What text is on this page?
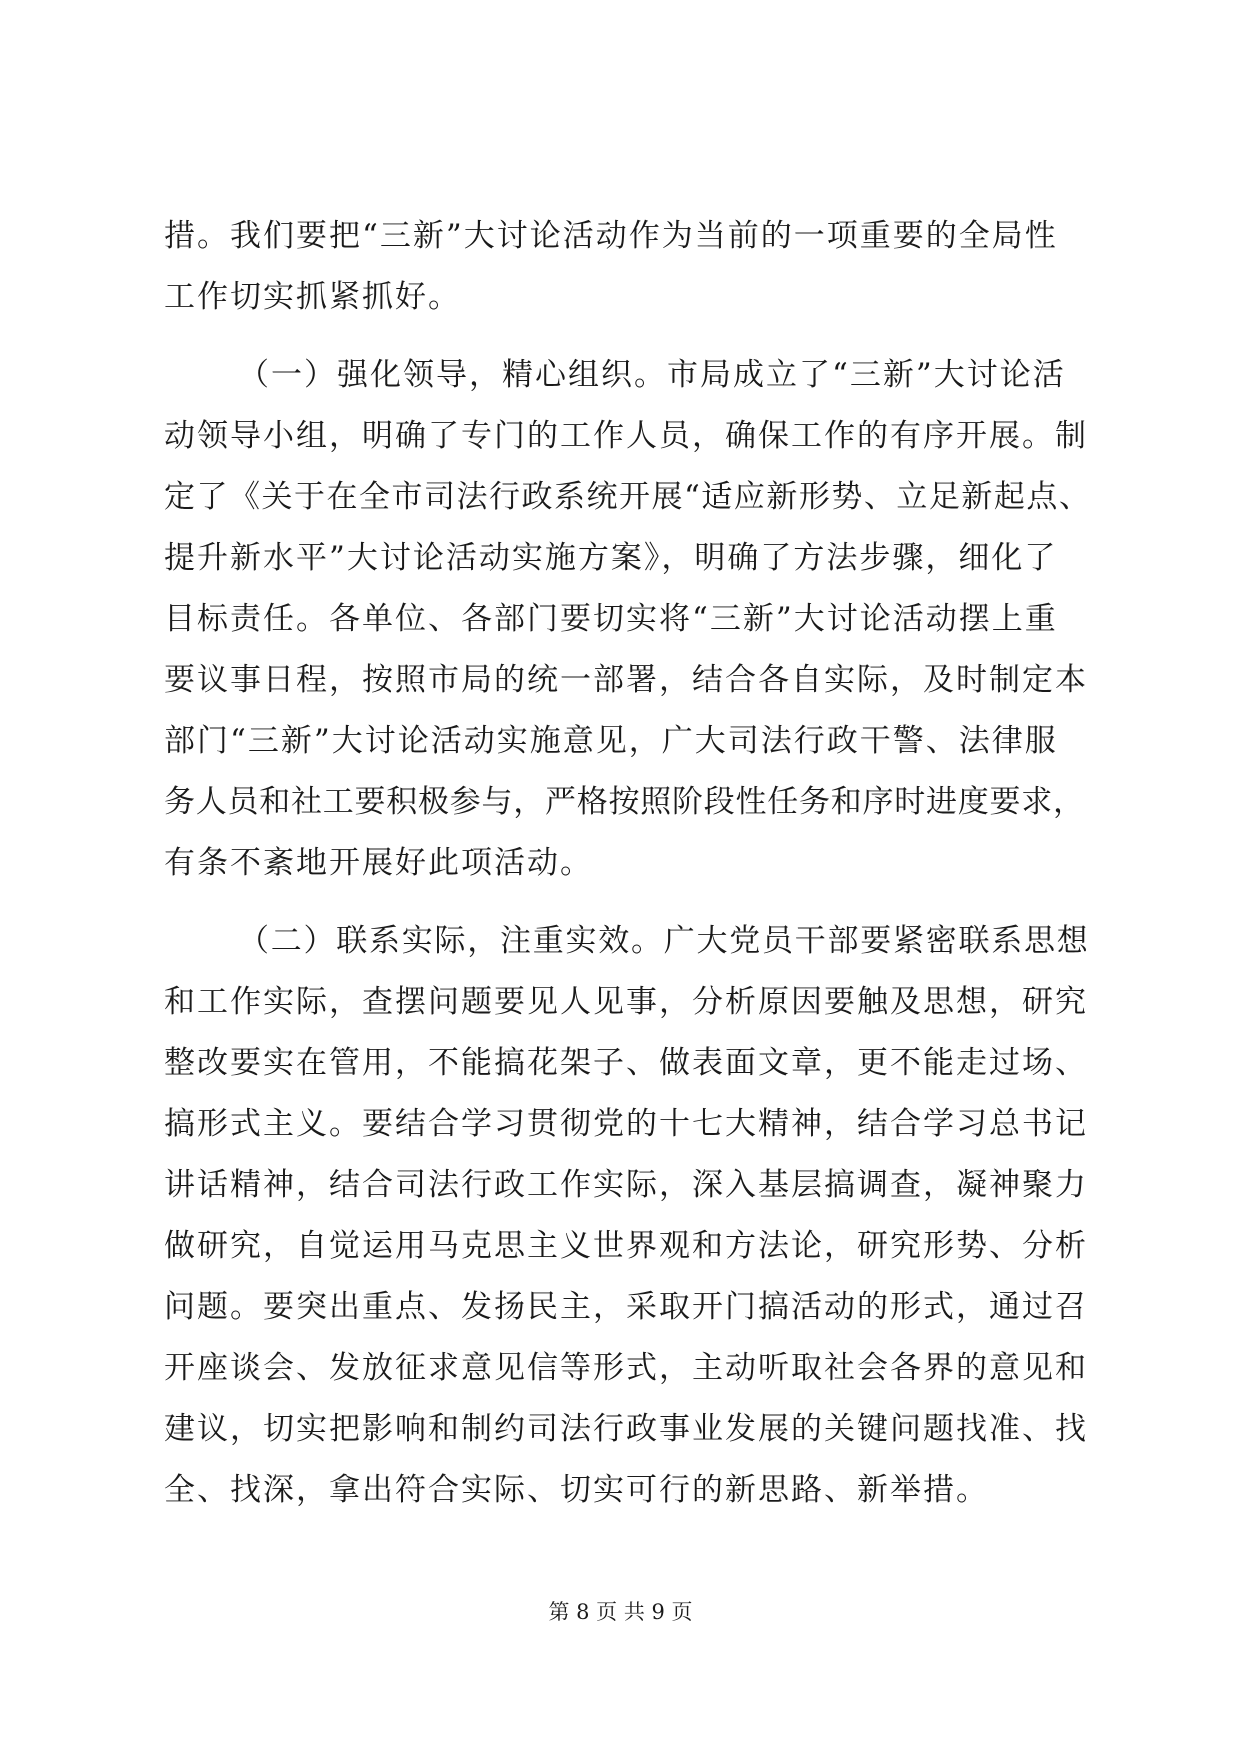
措。我们要把“三新”大讨论活动作为当前的一项重要的全局性
工作切实抓紧抓好。
（一）强化领导，精心组织。市局成立了“三新”大讨论活
动领导小组，明确了专门的工作人员，确保工作的有序开展。制
定了《关于在全市司法行政系统开展“适应新形势、立足新起点、
提升新水平”大讨论活动实施方案》，明确了方法步骤，细化了
目标责任。各单位、各部门要切实将“三新”大讨论活动摆上重
要议事日程，按照市局的统一部署，结合各自实际，及时制定本
部门“三新”大讨论活动实施意见，广大司法行政干警、法律服
务人员和社工要积极参与，严格按照阶段性任务和序时进度要求，
有条不紊地开展好此项活动。
（二）联系实际，注重实效。广大党员干部要紧密联系思想
和工作实际，查摆问题要见人见事，分析原因要触及思想，研究
整改要实在管用，不能搞花架子、做表面文章，更不能走过场、
搞形式主义。要结合学习贯彻党的十七大精神，结合学习总书记
讲话精神，结合司法行政工作实际，深入基层搞调查，凝神聚力
做研究，自觉运用马克思主义世界观和方法论，研究形势、分析
问题。要突出重点、发扬民主，采取开门搞活动的形式，通过召
开座谈会、发放征求意见信等形式，主动听取社会各界的意见和
建议，切实把影响和制约司法行政事业发展的关键问题找准、找
全、找深，拿出符合实际、切实可行的新思路、新举措。
第 8 页 共 9 页
